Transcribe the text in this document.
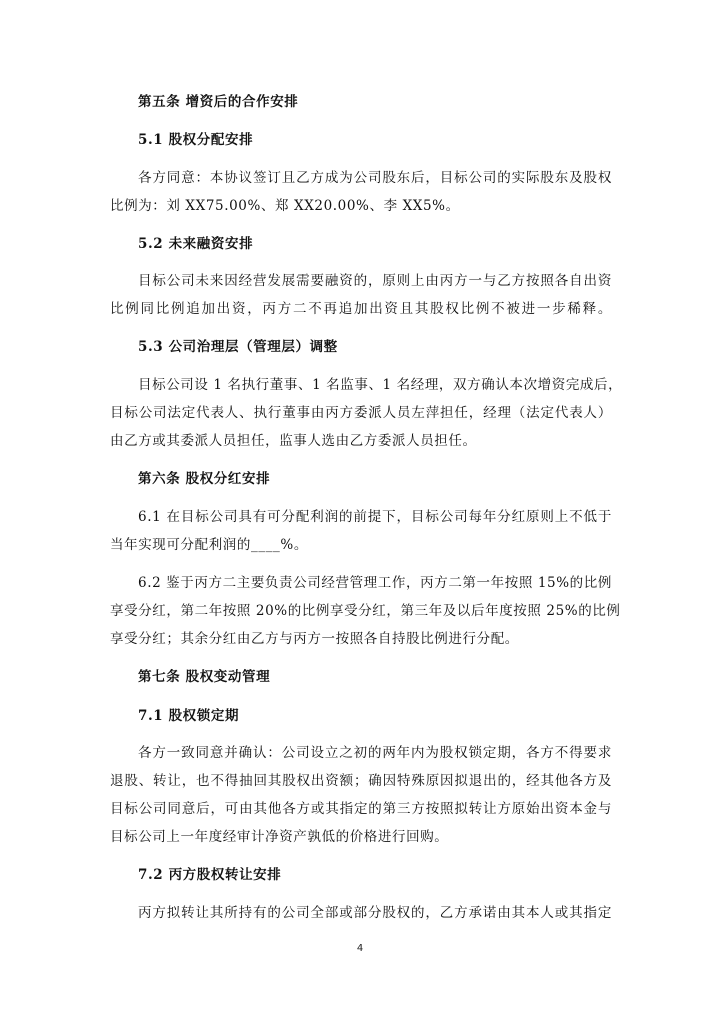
第五条 增资后的合作安排
5.1 股权分配安排
各方同意：本协议签订且乙方成为公司股东后，目标公司的实际股东及股权
比例为：刘 XX75.00%、郑 XX20.00%、李 XX5%。
5.2 未来融资安排
目标公司未来因经营发展需要融资的，原则上由丙方一与乙方按照各自出资
比例同比例追加出资，丙方二不再追加出资且其股权比例不被进一步稀释。
5.3 公司治理层（管理层）调整
目标公司设 1 名执行董事、1 名监事、1 名经理，双方确认本次增资完成后，
目标公司法定代表人、执行董事由丙方委派人员左萍担任，经理（法定代表人）
由乙方或其委派人员担任，监事人选由乙方委派人员担任。
第六条 股权分红安排
6.1 在目标公司具有可分配利润的前提下，目标公司每年分红原则上不低于
当年实现可分配利润的____%。
6.2 鉴于丙方二主要负责公司经营管理工作，丙方二第一年按照 15%的比例
享受分红，第二年按照 20%的比例享受分红，第三年及以后年度按照 25%的比例
享受分红；其余分红由乙方与丙方一按照各自持股比例进行分配。
第七条 股权变动管理
7.1 股权锁定期
各方一致同意并确认：公司设立之初的两年内为股权锁定期，各方不得要求
退股、转让，也不得抽回其股权出资额；确因特殊原因拟退出的，经其他各方及
目标公司同意后，可由其他各方或其指定的第三方按照拟转让方原始出资本金与
目标公司上一年度经审计净资产孰低的价格进行回购。
7.2 丙方股权转让安排
丙方拟转让其所持有的公司全部或部分股权的，乙方承诺由其本人或其指定
4
